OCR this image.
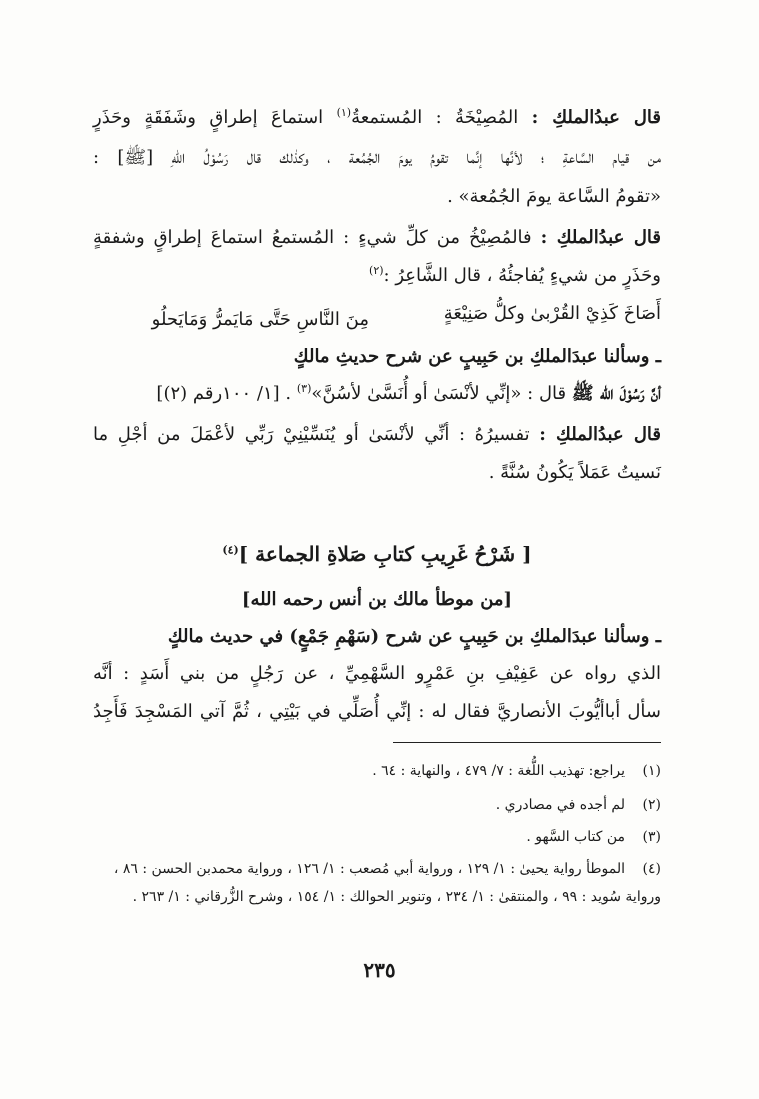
قال عبدُالملكِ : المُصِيْخَةُ : المُستمعةُ$^{(١)}$ استماعَ إطراقٍ وشَفَقَةٍ وحَذَرٍ
من قيام السَّاعةِ ؛ لأنَّها إنَّما تقومُ يومَ الجُمُعة ، وكذٰلك قال رَسُوْلُ اللهِ [ﷺ] :
«تقومُ السَّاعة يومَ الجُمُعة» .
قال عبدُالملكِ : فالمُصِيْخُ من كلِّ شيءٍ : المُستمعُ استماعَ إطراقٍ وشفقةٍ
وحَذَرٍ من شيءٍ يُفاجئُهُ ، قال الشَّاعِرُ :$^{(٢)}$
أَصَاخَ كَذِيْ القُرْبىٰ وكلُّ صَنِيْعَةٍ
مِنَ النَّاسِ حَتَّى مَايَمرُّ وَمَايَحلُو
ـ وسألنا عبدَالملكِ بن حَبِيبٍ عن شرح حديثِ مالكٍ
أنَّ رَسُوْلَ الله ﷺ قال : «إنِّي لأنْسَىٰ أو أُنَسَّىٰ لأسُنَّ»$^{(٣)}$ . [١/ ١٠٠رقم (٢)]
قال عبدُالملكِ : تفسيرُهُ : أنِّي لأنْسَىٰ أو يُنَسِّيْنِيْ رَبِّي لأعْمَلَ من أجْلِ ما
نَسيتُ عَمَلاً يَكُونُ سُنَّةً .
[ شَرْحُ غَرِيبِ كتابِ صَلاةِ الجماعة ]$^{(٤)}$
[من موطأ مالك بن أنس رحمه الله]
ـ وسألنا عبدَالملكِ بن حَبِيبٍ عن شرح (سَهْمِ جَمْعٍ) في حديث مالكٍ
الذي رواه عن عَفِيْفِ بنِ عَمْرٍو السَّهْمِيِّ ، عن رَجُلٍ من بني أَسَدٍ : أنَّه
سأل أباأيُّوبَ الأنصاريَّ فقال له : إنِّي أُصَلِّي في بَيْتِي ، ثُمَّ آتي المَسْجِدَ فَأَجِدُ
(١)يراجع: تهذيب اللُّغة : ٧/ ٤٧٩ ، والنهاية : ٦٤ .
(٢)لم أجده في مصادري .
(٣)من كتاب السَّهو .
(٤)الموطأ رواية يحيىٰ : ١/ ١٢٩ ، ورواية أبي مُصعب : ١/ ١٢٦ ، ورواية محمدبن الحسن : ٨٦ ،
ورواية سُويد : ٩٩ ، والمنتقىٰ : ١/ ٢٣٤ ، وتنوير الحوالك : ١/ ١٥٤ ، وشرح الزُّرقاني : ١/ ٢٦٣ .
٢٣٥
